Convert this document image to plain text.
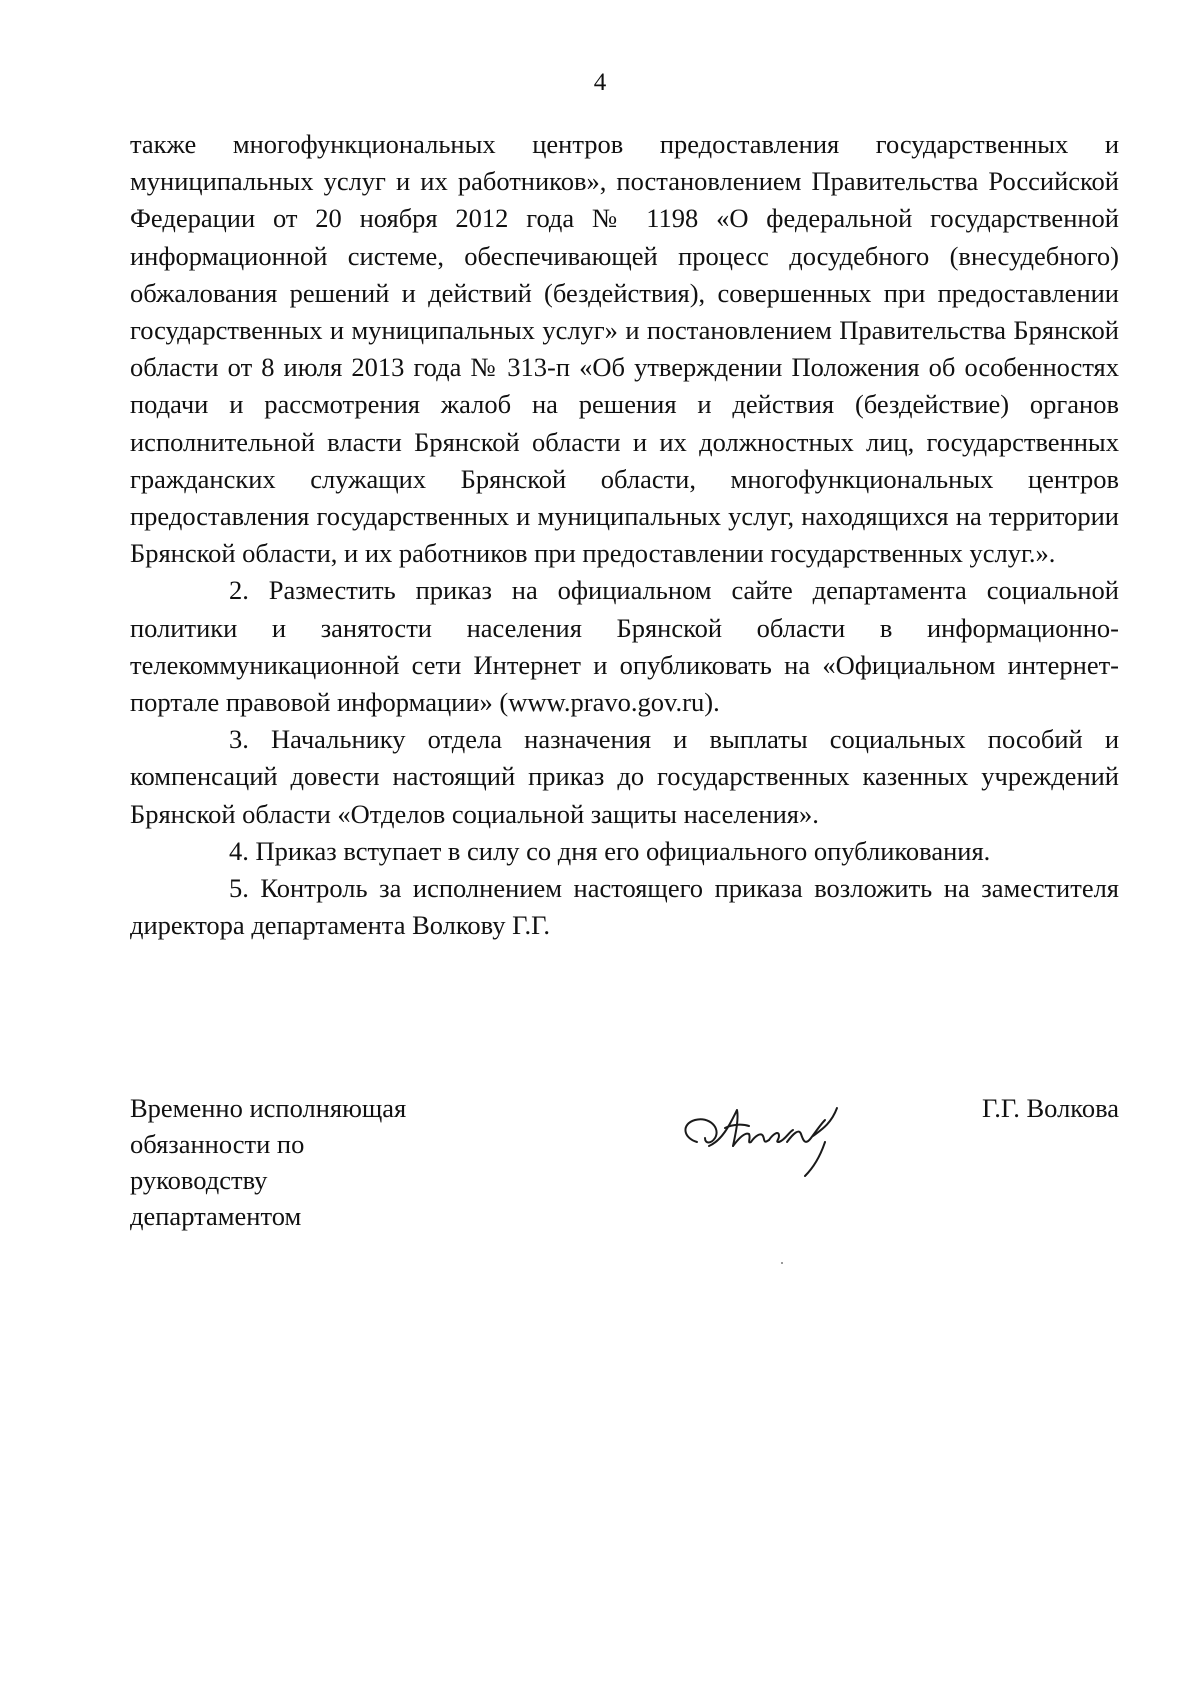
4

также многофункциональных центров предоставления государственных и муниципальных услуг и их работников», постановлением Правительства Российской Федерации от 20 ноября 2012 года № 1198 «О федеральной государственной информационной системе, обеспечивающей процесс досудебного (внесудебного) обжалования решений и действий (бездействия), совершенных при предоставлении государственных и муниципальных услуг» и постановлением Правительства Брянской области от 8 июля 2013 года № 313-п «Об утверждении Положения об особенностях подачи и рассмотрения жалоб на решения и действия (бездействие) органов исполнительной власти Брянской области и их должностных лиц, государственных гражданских служащих Брянской области, многофункциональных центров предоставления государственных и муниципальных услуг, находящихся на территории Брянской области, и их работников при предоставлении государственных услуг.».

2. Разместить приказ на официальном сайте департамента социальной политики и занятости населения Брянской области в информационно-телекоммуникационной сети Интернет и опубликовать на «Официальном интернет-портале правовой информации» (www.pravo.gov.ru).

3. Начальнику отдела назначения и выплаты социальных пособий и компенсаций довести настоящий приказ до государственных казенных учреждений Брянской области «Отделов социальной защиты населения».

4. Приказ вступает в силу со дня его официального опубликования.

5. Контроль за исполнением настоящего приказа возложить на заместителя директора департамента Волкову Г.Г.

Временно исполняющая
обязанности по
руководству
департаментом
Г.Г. Волкова
